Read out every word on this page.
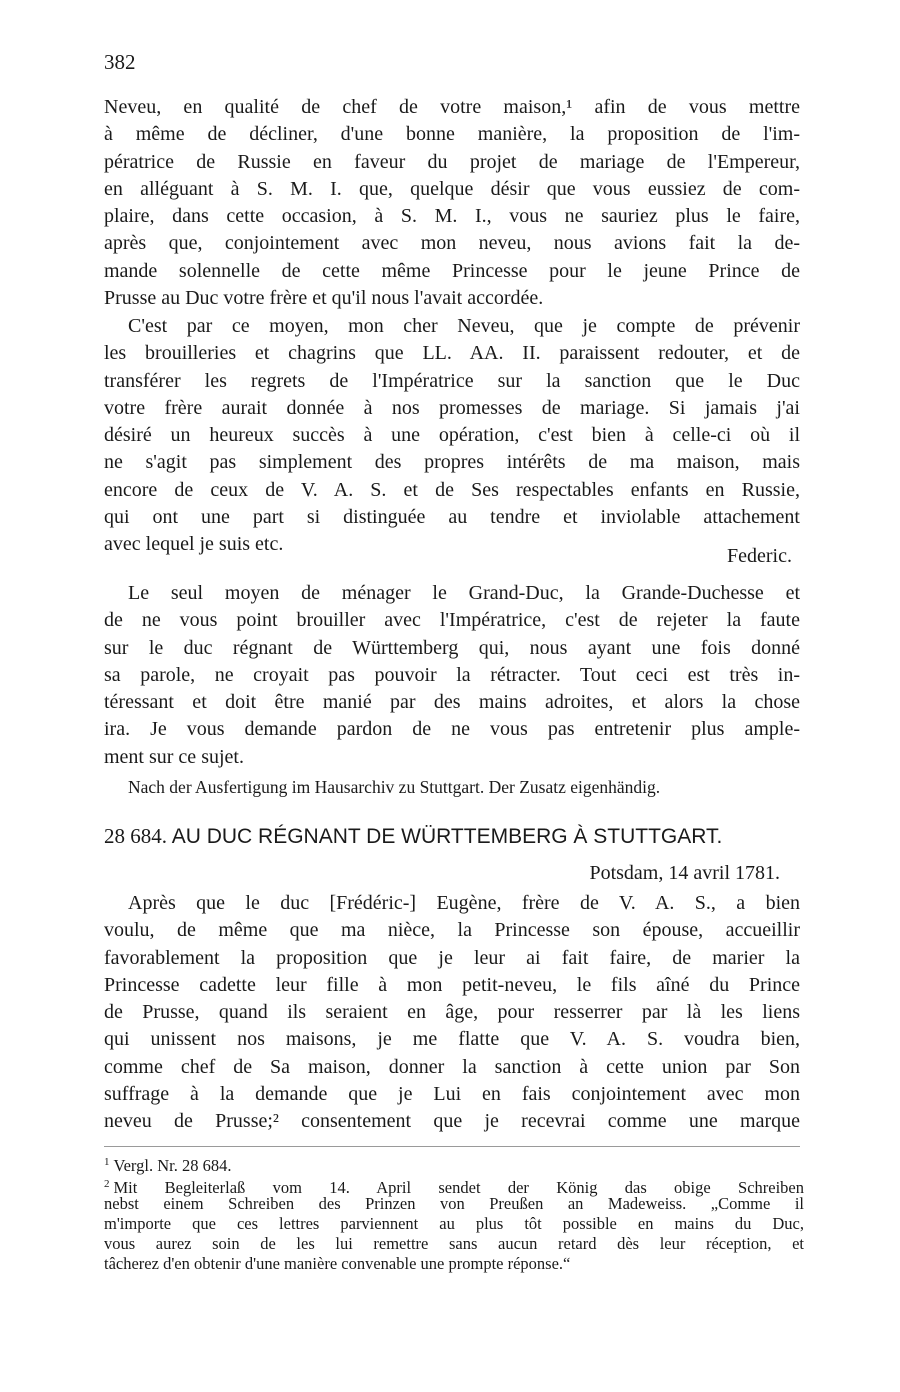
382
Neveu, en qualité de chef de votre maison,¹ afin de vous mettre
à même de décliner, d'une bonne manière, la proposition de l'im-
pératrice de Russie en faveur du projet de mariage de l'Empereur,
en alléguant à S. M. I. que, quelque désir que vous eussiez de com-
plaire, dans cette occasion, à S. M. I., vous ne sauriez plus le faire,
après que, conjointement avec mon neveu, nous avions fait la de-
mande solennelle de cette même Princesse pour le jeune Prince de
Prusse au Duc votre frère et qu'il nous l'avait accordée.
C'est par ce moyen, mon cher Neveu, que je compte de prévenir
les brouilleries et chagrins que LL. AA. II. paraissent redouter, et de
transférer les regrets de l'Impératrice sur la sanction que le Duc
votre frère aurait donnée à nos promesses de mariage. Si jamais j'ai
désiré un heureux succès à une opération, c'est bien à celle-ci où il
ne s'agit pas simplement des propres intérêts de ma maison, mais
encore de ceux de V. A. S. et de Ses respectables enfants en Russie,
qui ont une part si distinguée au tendre et inviolable attachement
avec lequel je suis etc.
Federic.
Le seul moyen de ménager le Grand-Duc, la Grande-Duchesse et
de ne vous point brouiller avec l'Impératrice, c'est de rejeter la faute
sur le duc régnant de Württemberg qui, nous ayant une fois donné
sa parole, ne croyait pas pouvoir la rétracter. Tout ceci est très in-
téressant et doit être manié par des mains adroites, et alors la chose
ira. Je vous demande pardon de ne vous pas entretenir plus ample-
ment sur ce sujet.
Nach der Ausfertigung im Hausarchiv zu Stuttgart. Der Zusatz eigenhändig.
28 684. AU DUC RÉGNANT DE WÜRTTEMBERG À STUTTGART.
Potsdam, 14 avril 1781.
Après que le duc [Frédéric-] Eugène, frère de V. A. S., a bien
voulu, de même que ma nièce, la Princesse son épouse, accueillir
favorablement la proposition que je leur ai fait faire, de marier la
Princesse cadette leur fille à mon petit-neveu, le fils aîné du Prince
de Prusse, quand ils seraient en âge, pour resserrer par là les liens
qui unissent nos maisons, je me flatte que V. A. S. voudra bien,
comme chef de Sa maison, donner la sanction à cette union par Son
suffrage à la demande que je Lui en fais conjointement avec mon
neveu de Prusse;² consentement que je recevrai comme une marque
$^1$ Vergl. Nr. 28 684.
$^2$ Mit Begleiterlaß vom 14. April sendet der König das obige Schreiben
nebst einem Schreiben des Prinzen von Preußen an Madeweiss. „Comme il
m'importe que ces lettres parviennent au plus tôt possible en mains du Duc,
vous aurez soin de les lui remettre sans aucun retard dès leur réception, et
tâcherez d'en obtenir d'une manière convenable une prompte réponse.“
